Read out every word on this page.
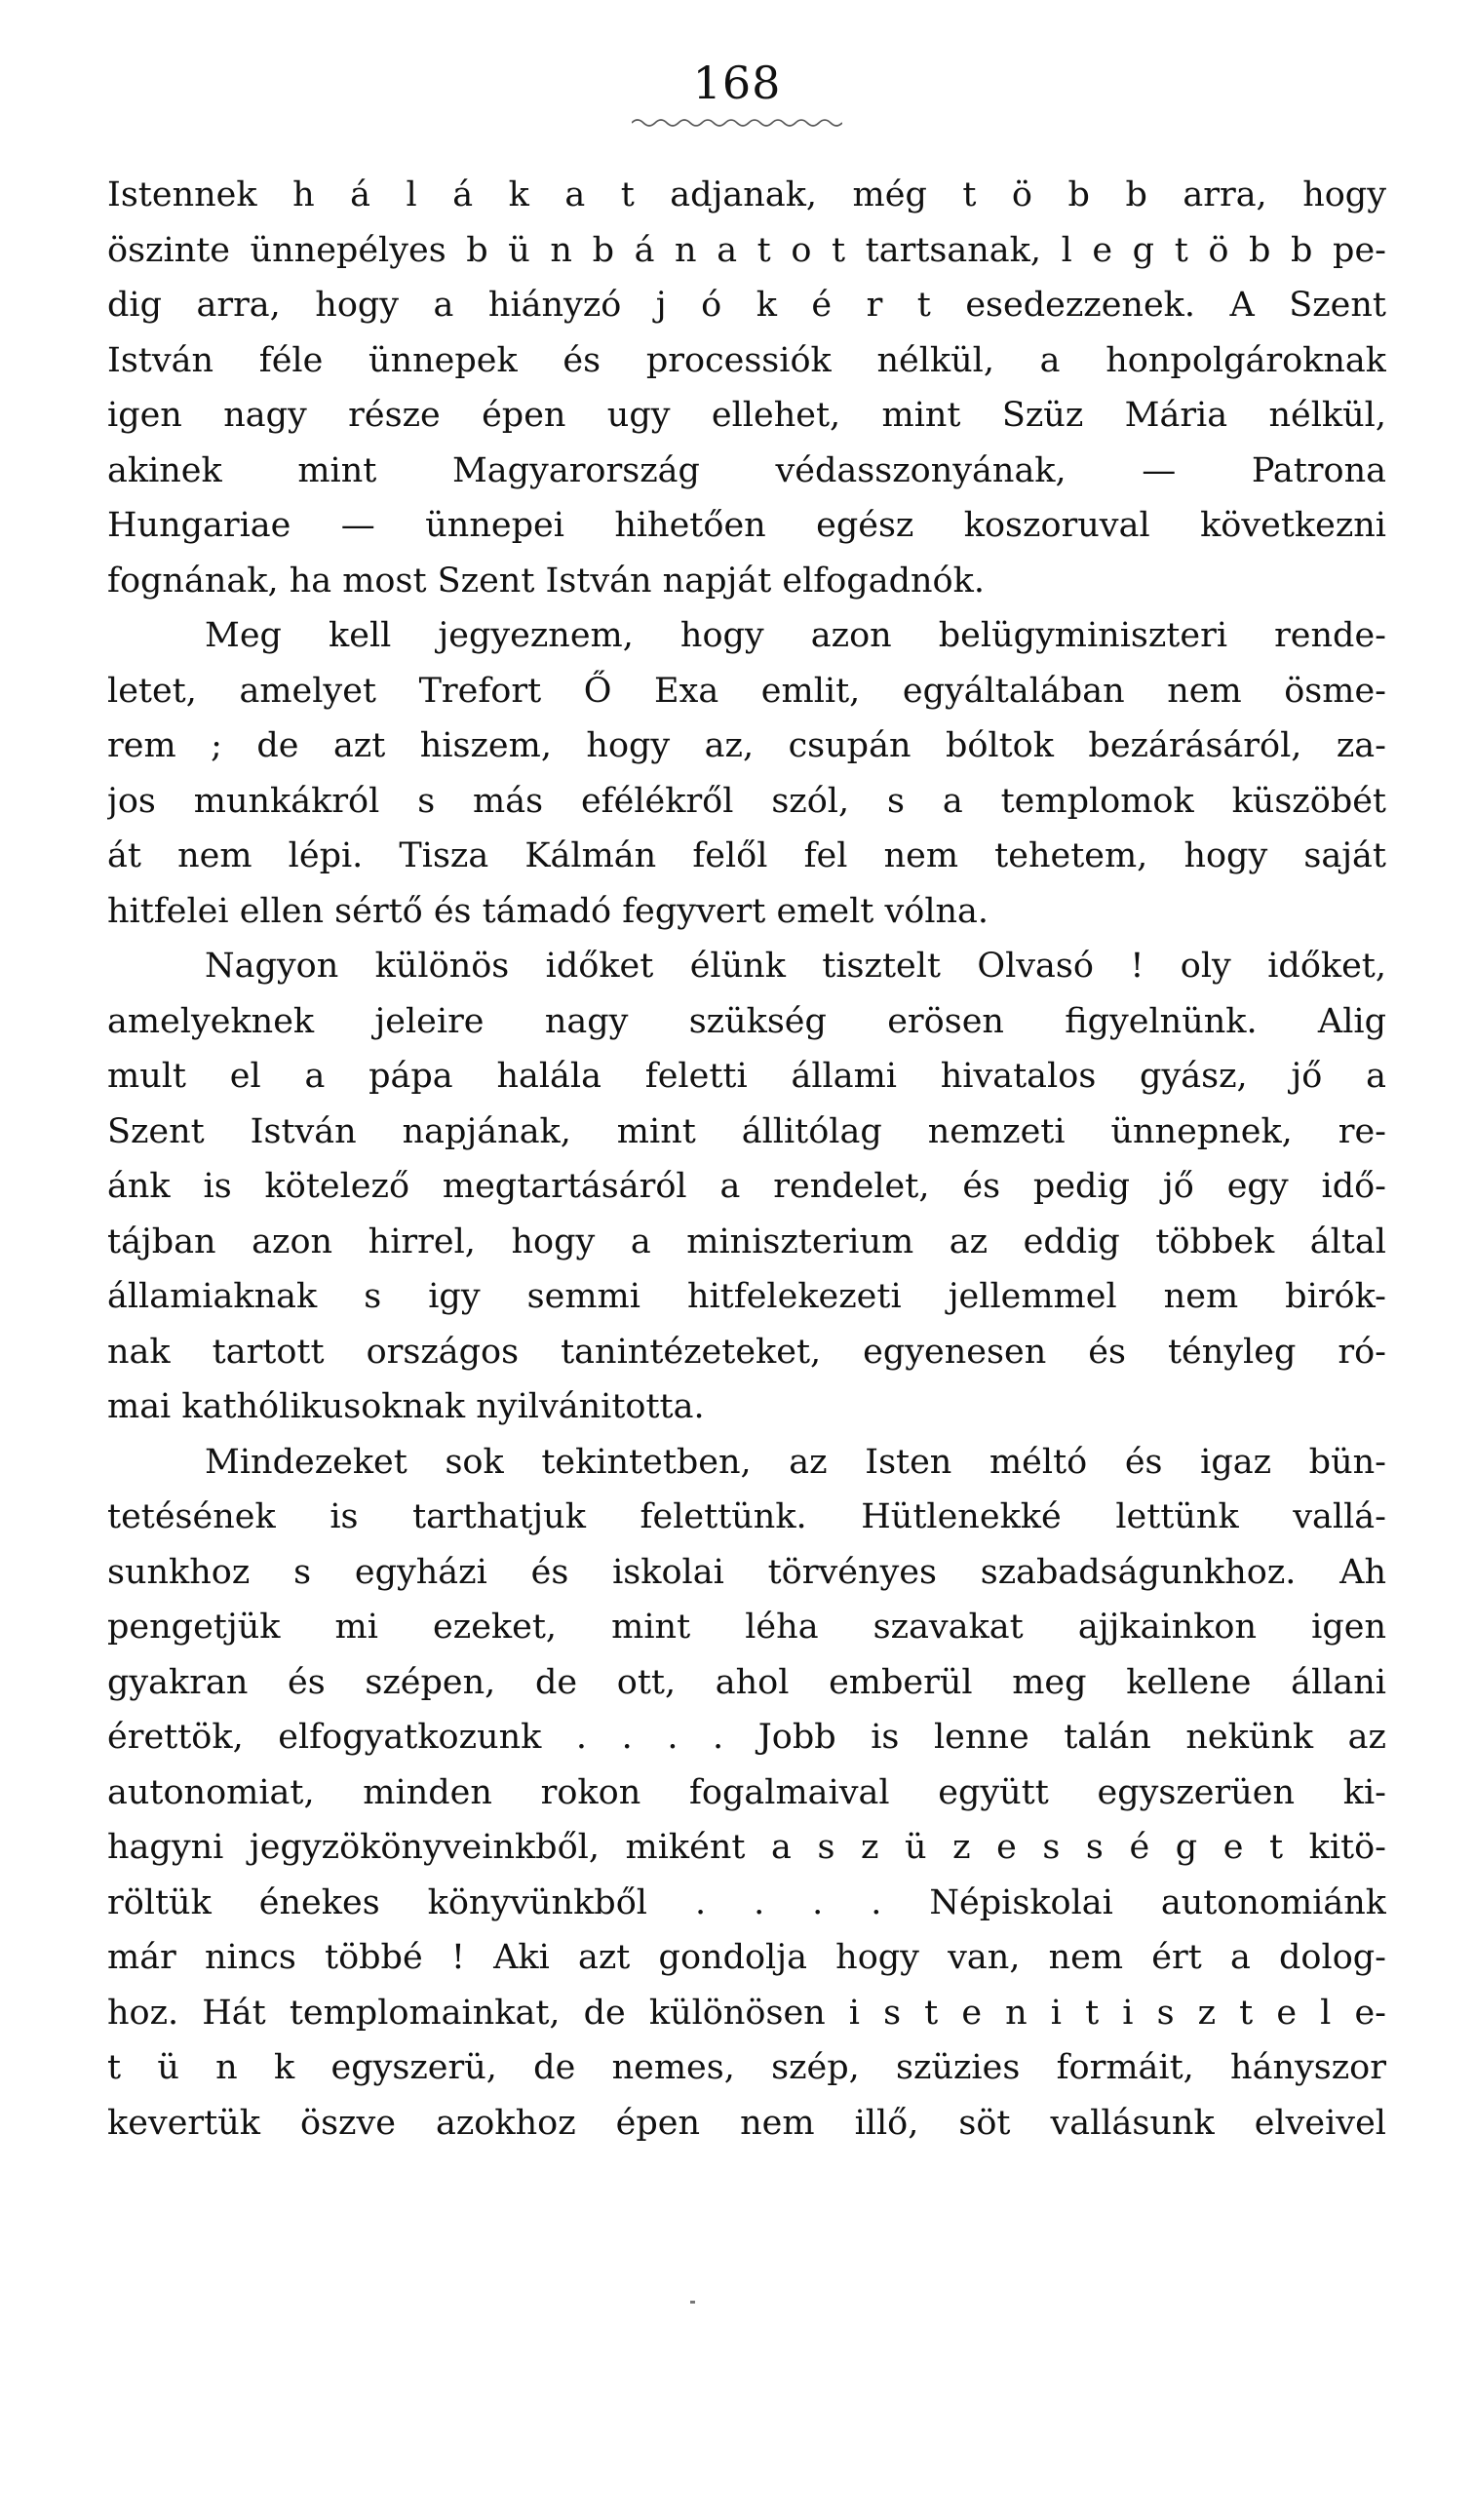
168
Istennek h á l á k a t adjanak, még t ö b b arra, hogy
öszinte ünnepélyes b ü n b á n a t o t tartsanak, l e g t ö b b pe-
dig arra, hogy a hiányzó j ó k é r t esedezzenek. A Szent
István féle ünnepek és processiók nélkül, a honpolgároknak
igen nagy része épen ugy ellehet, mint Szüz Mária nélkül,
akinek mint Magyarország védasszonyának, — Patrona
Hungariae — ünnepei hihetően egész koszoruval következni
fognának, ha most Szent István napját elfogadnók.
Meg kell jegyeznem, hogy azon belügyminiszteri rende-
letet, amelyet Trefort Ő Exa emlit, egyáltalában nem ösme-
rem ; de azt hiszem, hogy az, csupán bóltok bezárásáról, za-
jos munkákról s más efélékről szól, s a templomok küszöbét
át nem lépi. Tisza Kálmán felől fel nem tehetem, hogy saját
hitfelei ellen sértő és támadó fegyvert emelt vólna.
Nagyon különös időket élünk tisztelt Olvasó ! oly időket,
amelyeknek jeleire nagy szükség erösen figyelnünk. Alig
mult el a pápa halála feletti állami hivatalos gyász, jő a
Szent István napjának, mint állitólag nemzeti ünnepnek, re-
ánk is kötelező megtartásáról a rendelet, és pedig jő egy idő-
tájban azon hirrel, hogy a miniszterium az eddig többek által
államiaknak s igy semmi hitfelekezeti jellemmel nem birók-
nak tartott országos tanintézeteket, egyenesen és tényleg ró-
mai kathólikusoknak nyilvánitotta.
Mindezeket sok tekintetben, az Isten méltó és igaz bün-
tetésének is tarthatjuk felettünk. Hütlenekké lettünk vallá-
sunkhoz s egyházi és iskolai törvényes szabadságunkhoz. Ah
pengetjük mi ezeket, mint léha szavakat ajjkainkon igen
gyakran és szépen, de ott, ahol emberül meg kellene állani
érettök, elfogyatkozunk . . . . Jobb is lenne talán nekünk az
autonomiat, minden rokon fogalmaival együtt egyszerüen ki-
hagyni jegyzökönyveinkből, miként a s z ü z e s s é g e t kitö-
röltük énekes könyvünkből . . . . Népiskolai autonomiánk
már nincs többé ! Aki azt gondolja hogy van, nem ért a dolog-
hoz. Hát templomainkat, de különösen i s t e n i t i s z t e l e-
t ü n k egyszerü, de nemes, szép, szüzies formáit, hányszor
kevertük öszve azokhoz épen nem illő, söt vallásunk elveivel
